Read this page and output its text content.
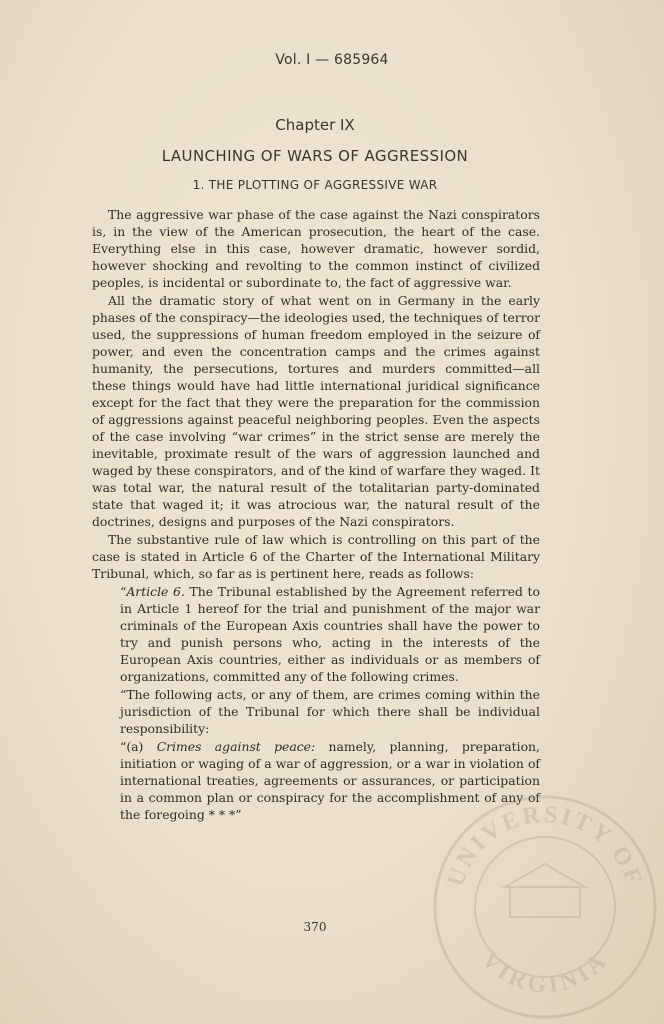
Vol. I — 685964
Chapter IX
LAUNCHING OF WARS OF AGGRESSION
1. THE PLOTTING OF AGGRESSIVE WAR

The aggressive war phase of the case against the Nazi conspirators is, in the view of the American prosecution, the heart of the case. Everything else in this case, however dramatic, however sordid, however shocking and revolting to the common instinct of civilized peoples, is incidental or subordinate to, the fact of aggressive war.

All the dramatic story of what went on in Germany in the early phases of the conspiracy—the ideologies used, the techniques of terror used, the suppressions of human freedom employed in the seizure of power, and even the concentration camps and the crimes against humanity, the persecutions, tortures and murders committed—all these things would have had little international juridical significance except for the fact that they were the preparation for the commission of aggressions against peaceful neighboring peoples. Even the aspects of the case involving “war crimes” in the strict sense are merely the inevitable, proximate result of the wars of aggression launched and waged by these conspirators, and of the kind of warfare they waged. It was total war, the natural result of the totalitarian party-dominated state that waged it; it was atrocious war, the natural result of the doctrines, designs and purposes of the Nazi conspirators.

The substantive rule of law which is controlling on this part of the case is stated in Article 6 of the Charter of the International Military Tribunal, which, so far as is pertinent here, reads as follows:

“Article 6. The Tribunal established by the Agreement referred to in Article 1 hereof for the trial and punishment of the major war criminals of the European Axis countries shall have the power to try and punish persons who, acting in the interests of the European Axis countries, either as individuals or as members of organizations, committed any of the following crimes.

“The following acts, or any of them, are crimes coming within the jurisdiction of the Tribunal for which there shall be individual responsibility:

“(a) Crimes against peace: namely, planning, preparation, initiation or waging of a war of aggression, or a war in violation of international treaties, agreements or assurances, or participation in a common plan or conspiracy for the accomplishment of any of the foregoing * * *”

370
UNIVERSITY OF
VIRGINIA
